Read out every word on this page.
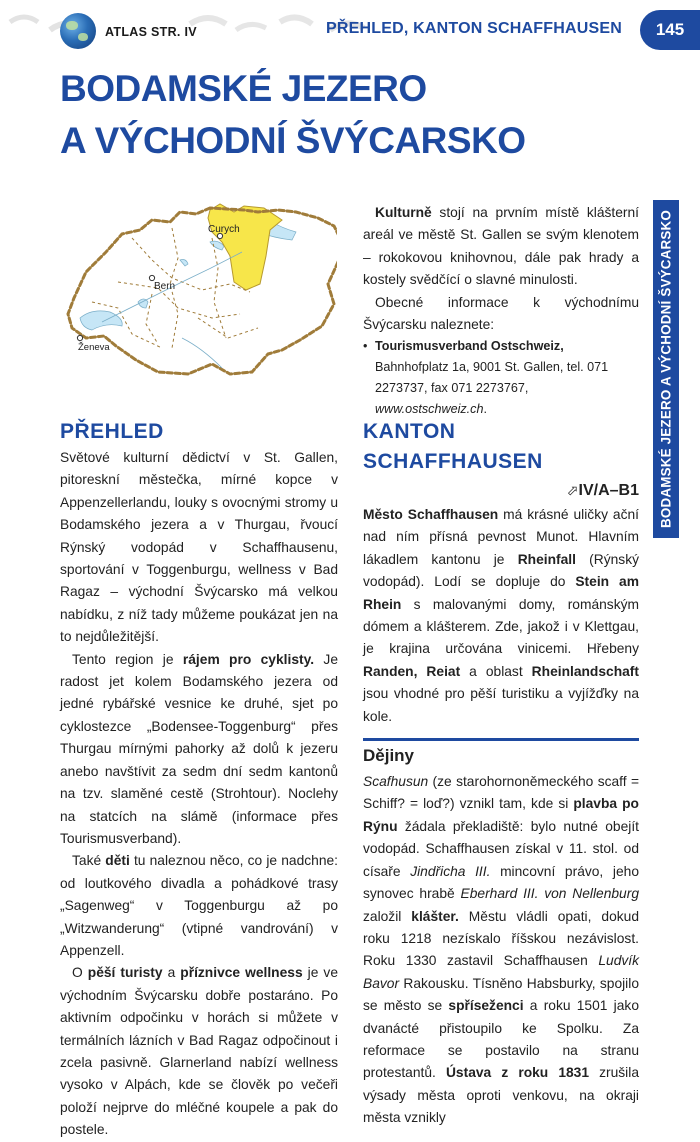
ATLAS STR. IV	PŘEHLED, KANTON SCHAFFHAUSEN	145
BODAMSKÉ JEZERO
A VÝCHODNÍ ŠVÝCARSKO
BODAMSKÉ JEZERO A VÝCHODNÍ ŠVÝCARSKO
Curych
Bern
Ženeva

Kulturně stojí na prvním místě klášterní areál ve městě St. Gallen se svým klenotem – rokokovou knihovnou, dále pak hrady a kostely svědčící o slavné minulosti.

Obecné informace k východnímu Švýcarsku naleznete:

• Tourismusverband Ostschweiz, Bahnhofplatz 1a, 9001 St. Gallen, tel. 071 2273737, fax 071 2273767, www.ostschweiz.ch.

PŘEHLED

Světové kulturní dědictví v St. Gallen, pitoreskní městečka, mírné kopce v Appenzellerlandu, louky s ovocnými stromy u Bodamského jezera a v Thurgau, řvoucí Rýnský vodopád v Schaffhausenu, sportování v Toggenburgu, wellness v Bad Ragaz – východní Švýcarsko má velkou nabídku, z níž tady můžeme poukázat jen na to nejdůležitější.

Tento region je rájem pro cyklisty. Je radost jet kolem Bodamského jezera od jedné rybářské vesnice ke druhé, sjet po cyklostezce „Bodensee-Toggenburg“ přes Thurgau mírnými pahorky až dolů k jezeru anebo navštívit za sedm dní sedm kantonů na tzv. slaměné cestě (Strohtour). Noclehy na statcích na slámě (informace přes Tourismusverband).

Také děti tu naleznou něco, co je nadchne: od loutkového divadla a pohádkové trasy „Sagenweg“ v Toggenburgu až po „Witzwanderung“ (vtipné vandrování) v Appenzell.

O pěší turisty a příznivce wellness je ve východním Švýcarsku dobře postaráno. Po aktivním odpočinku v horách si můžete v termálních lázních v Bad Ragaz odpočinout i zcela pasivně. Glarnerland nabízí wellness vysoko v Alpách, kde se člověk po večeři položí nejprve do mléčné koupele a pak do postele.

KANTON
SCHAFFHAUSEN
⬀IV/A–B1

Město Schaffhausen má krásné uličky ační nad ním přísná pevnost Munot. Hlavním lákadlem kantonu je Rheinfall (Rýnský vodopád). Lodí se dopluje do Stein am Rhein s malovanými domy, románským dómem a klášterem. Zde, jakož i v Klettgau, je krajina určována vinicemi. Hřebeny Randen, Reiat a oblast Rheinlandschaft jsou vhodné pro pěší turistiku a vyjížďky na kole.

Dějiny

Scafhusun (ze starohornoněmeckého scaff = Schiff? = loď?) vznikl tam, kde si plavba po Rýnu žádala překladiště: bylo nutné obejít vodopád. Schaffhausen získal v 11. stol. od císaře Jindřicha III. mincovní právo, jeho synovec hrabě Eberhard III. von Nellenburg založil klášter. Městu vládli opati, dokud roku 1218 nezískalo říšskou nezávislost. Roku 1330 zastavil Schaffhausen Ludvík Bavor Rakousku. Tísněno Habsburky, spojilo se město se spříseženci a roku 1501 jako dvanácté přistoupilo ke Spolku. Za reformace se postavilo na stranu protestantů. Ústava z roku 1831 zrušila výsady města oproti venkovu, na okraji města vznikly
